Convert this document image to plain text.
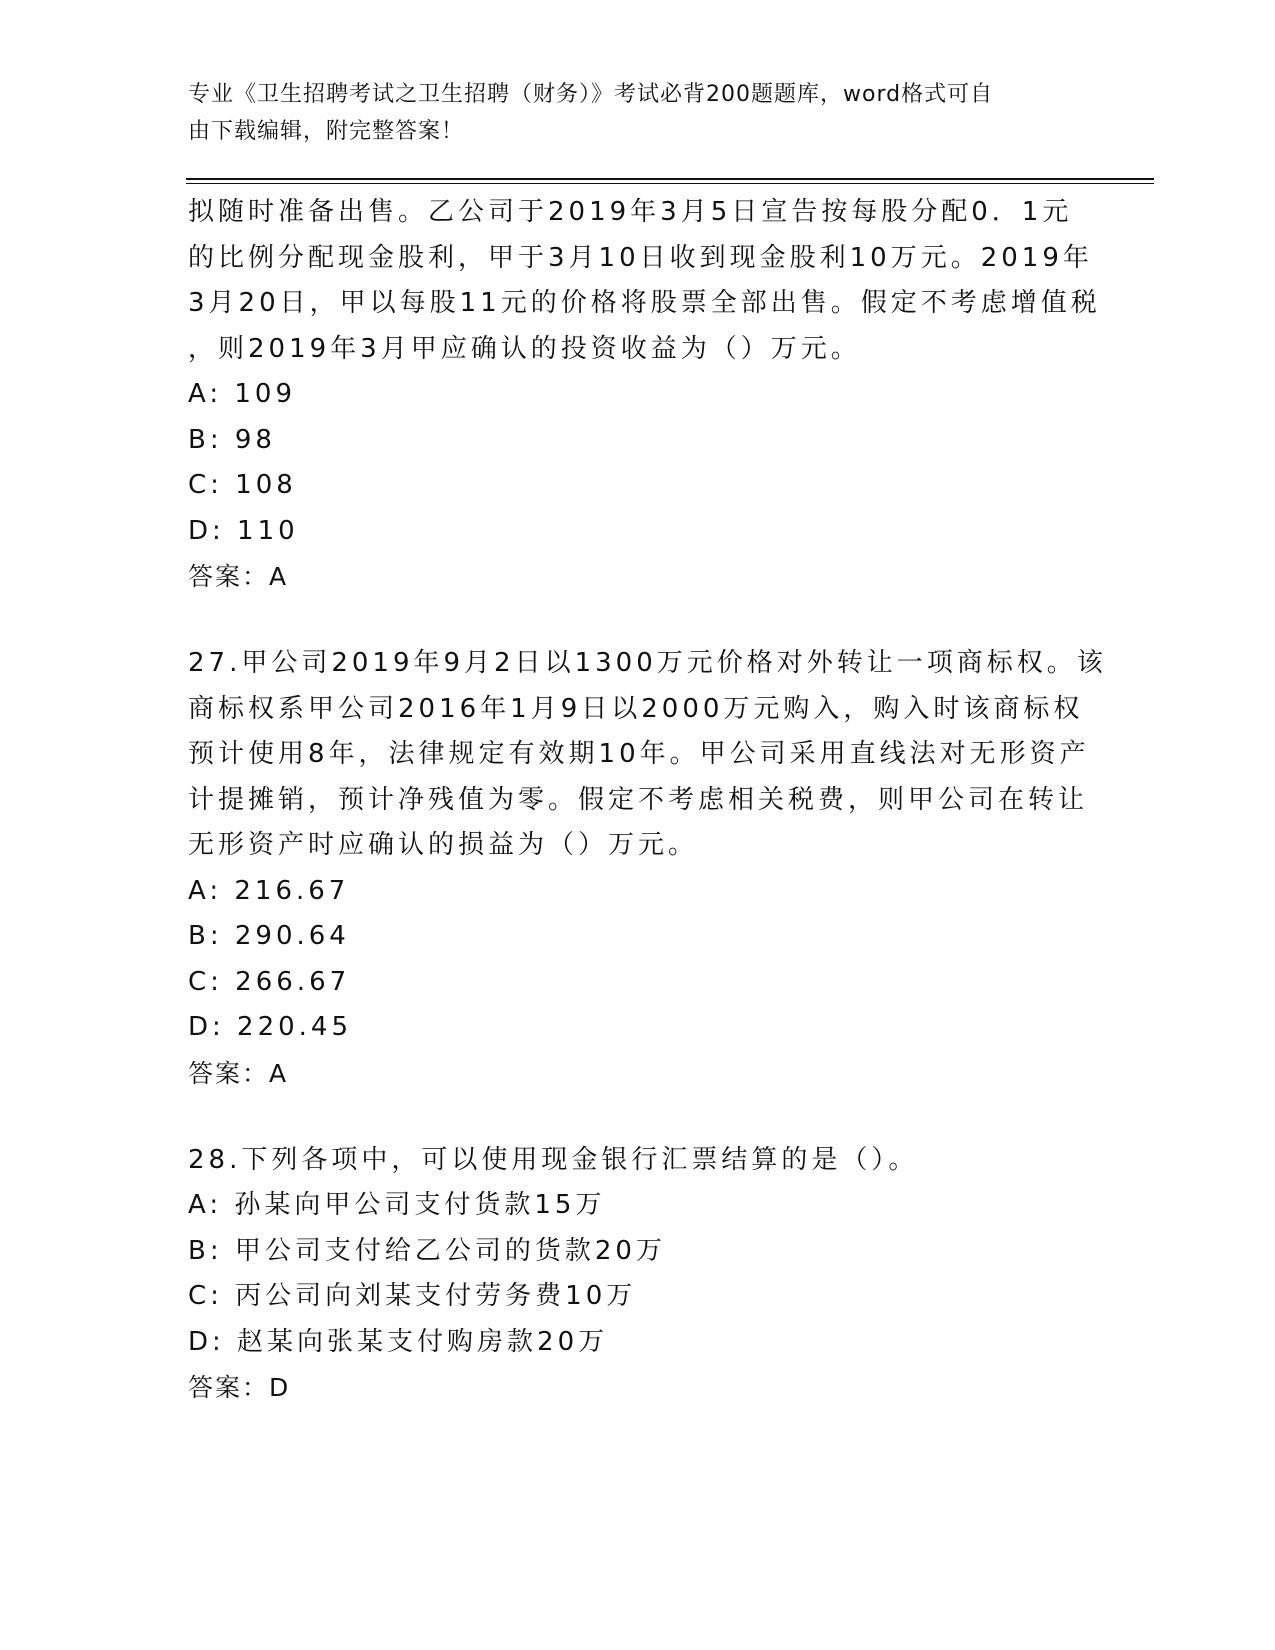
专业《卫生招聘考试之卫生招聘（财务）》考试必背200题题库，word格式可自
由下载编辑，附完整答案！
拟随时准备出售。乙公司于2019年3月5日宣告按每股分配0．1元
的比例分配现金股利，甲于3月10日收到现金股利10万元。2019年
3月20日，甲以每股11元的价格将股票全部出售。假定不考虑增值税
，则2019年3月甲应确认的投资收益为（）万元。
A: 109
B: 98
C: 108
D: 110
答案：A
27.甲公司2019年9月2日以1300万元价格对外转让一项商标权。该
商标权系甲公司2016年1月9日以2000万元购入，购入时该商标权
预计使用8年，法律规定有效期10年。甲公司采用直线法对无形资产
计提摊销，预计净残值为零。假定不考虑相关税费，则甲公司在转让
无形资产时应确认的损益为（）万元。
A: 216.67
B: 290.64
C: 266.67
D: 220.45
答案：A
28.下列各项中，可以使用现金银行汇票结算的是（）。
A: 孙某向甲公司支付货款15万
B: 甲公司支付给乙公司的货款20万
C: 丙公司向刘某支付劳务费10万
D: 赵某向张某支付购房款20万
答案：D
